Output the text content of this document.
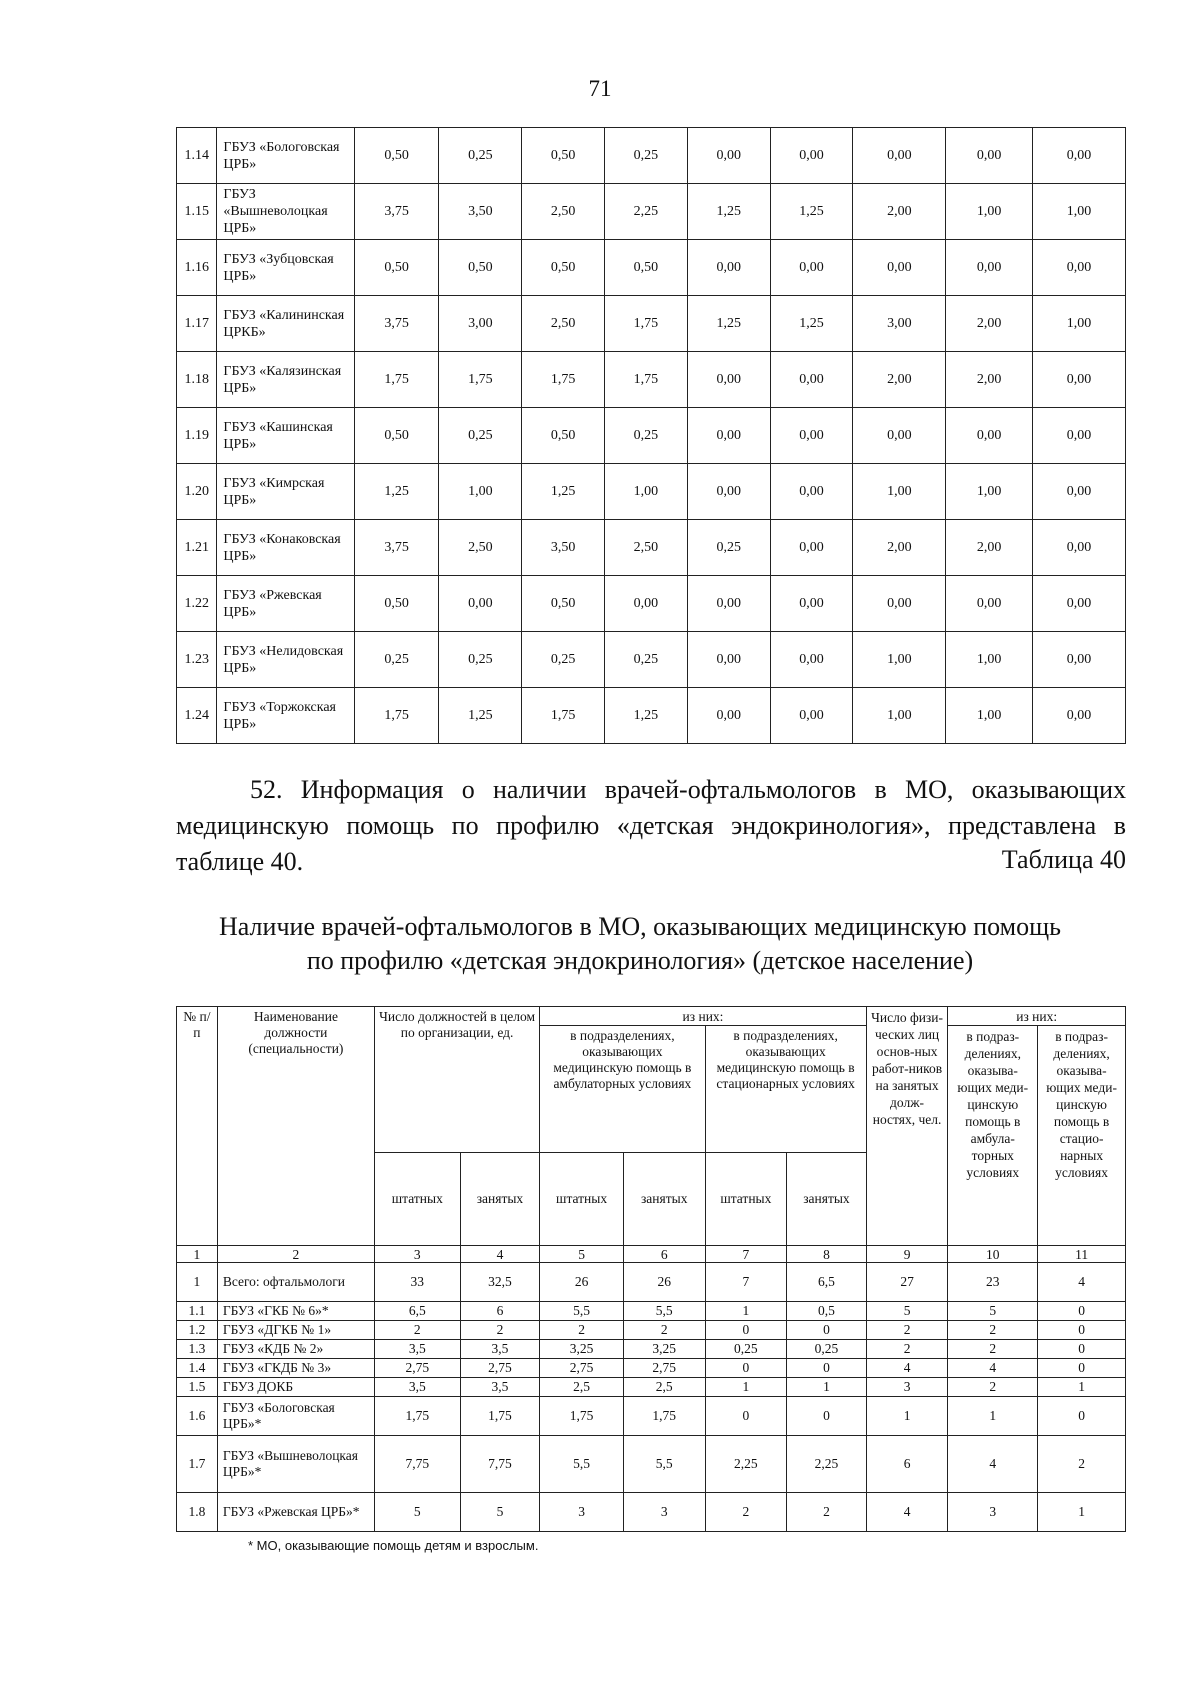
71
1.14	ГБУЗ «Бологовская ЦРБ»	0,50	0,25	0,50	0,25	0,00	0,00	0,00	0,00	0,00
1.15	ГБУЗ «Вышневолоцкая ЦРБ»	3,75	3,50	2,50	2,25	1,25	1,25	2,00	1,00	1,00
1.16	ГБУЗ «Зубцовская ЦРБ»	0,50	0,50	0,50	0,50	0,00	0,00	0,00	0,00	0,00
1.17	ГБУЗ «Калининская ЦРКБ»	3,75	3,00	2,50	1,75	1,25	1,25	3,00	2,00	1,00
1.18	ГБУЗ «Калязинская ЦРБ»	1,75	1,75	1,75	1,75	0,00	0,00	2,00	2,00	0,00
1.19	ГБУЗ «Кашинская ЦРБ»	0,50	0,25	0,50	0,25	0,00	0,00	0,00	0,00	0,00
1.20	ГБУЗ «Кимрская ЦРБ»	1,25	1,00	1,25	1,00	0,00	0,00	1,00	1,00	0,00
1.21	ГБУЗ «Конаковская ЦРБ»	3,75	2,50	3,50	2,50	0,25	0,00	2,00	2,00	0,00
1.22	ГБУЗ «Ржевская ЦРБ»	0,50	0,00	0,50	0,00	0,00	0,00	0,00	0,00	0,00
1.23	ГБУЗ «Нелидовская ЦРБ»	0,25	0,25	0,25	0,25	0,00	0,00	1,00	1,00	0,00
1.24	ГБУЗ «Торжокская ЦРБ»	1,75	1,25	1,75	1,25	0,00	0,00	1,00	1,00	0,00

52. Информация о наличии врачей-офтальмологов в МО, оказывающих медицинскую помощь по профилю «детская эндокринология», представлена в таблице 40.	Таблица 40
Наличие врачей-офтальмологов в МО, оказывающих медицинскую помощь
по профилю «детская эндокринология» (детское население)
№ п/п	Наименование должности (специальности)	Число должностей в целом по организации, ед.		из них:				Число физи-ческих лиц основ-ных работ-ников на занятых долж-ностях, чел.	из них:	
				в подразделениях, оказывающих медицинскую помощь в амбулаторных условиях		в подразделениях, оказывающих медицинскую помощь в стационарных условиях			в подраз-делениях, оказыва-ющих меди-цинскую помощь в амбула-торных условиях	в подраз-делениях, оказыва-ющих меди-цинскую помощь в стацио-нарных условиях
		штатных	занятых	штатных	занятых	штатных	занятых			
1	2	3	4	5	6	7	8	9	10	11
1	Всего: офтальмологи	33	32,5	26	26	7	6,5	27	23	4
1.1	ГБУЗ «ГКБ № 6»*	6,5	6	5,5	5,5	1	0,5	5	5	0
1.2	ГБУЗ «ДГКБ № 1»	2	2	2	2	0	0	2	2	0
1.3	ГБУЗ «КДБ № 2»	3,5	3,5	3,25	3,25	0,25	0,25	2	2	0
1.4	ГБУЗ «ГКДБ № 3»	2,75	2,75	2,75	2,75	0	0	4	4	0
1.5	ГБУЗ ДОКБ	3,5	3,5	2,5	2,5	1	1	3	2	1
1.6	ГБУЗ «Бологовская ЦРБ»*	1,75	1,75	1,75	1,75	0	0	1	1	0
1.7	ГБУЗ «Вышневолоцкая ЦРБ»*	7,75	7,75	5,5	5,5	2,25	2,25	6	4	2
1.8	ГБУЗ «Ржевская ЦРБ»*	5	5	3	3	2	2	4	3	1
* МО, оказывающие помощь детям и взрослым.
